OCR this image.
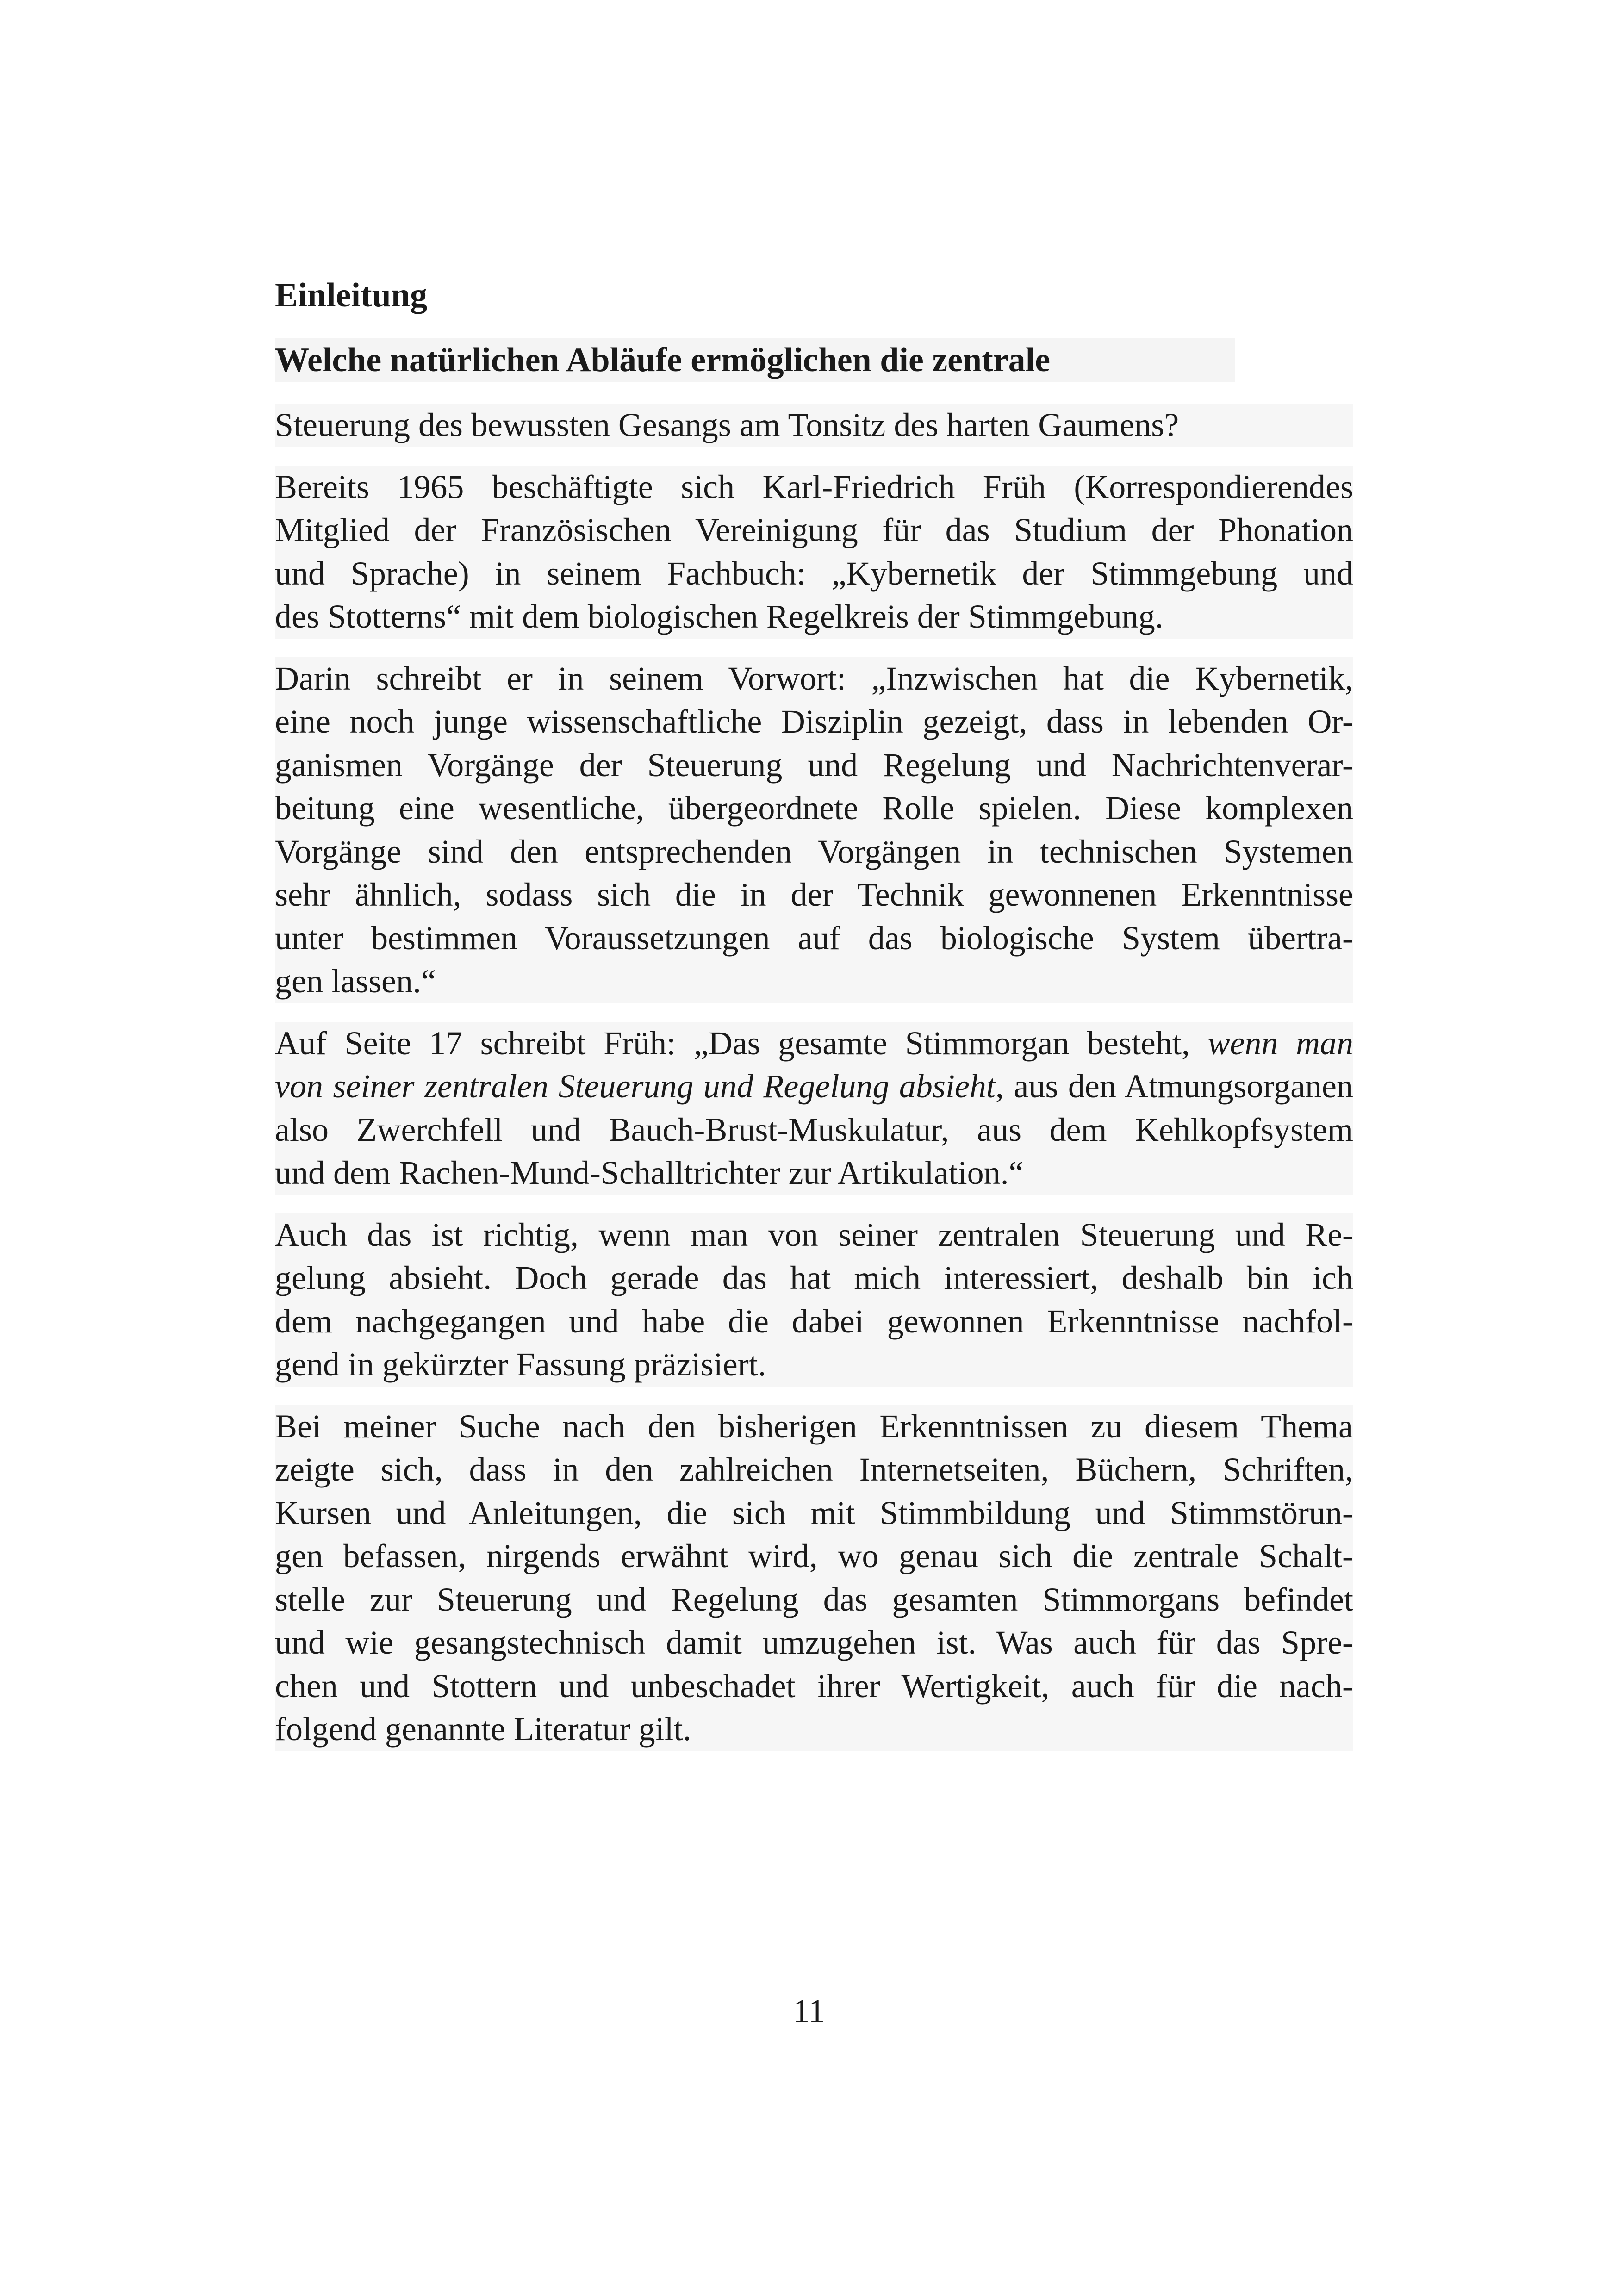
Einleitung
Welche natürlichen Abläufe ermöglichen die zentrale

Steuerung des bewussten Gesangs am Tonsitz des harten Gaumens?

Bereits 1965 beschäftigte sich Karl-Friedrich Früh (Korrespondierendes
Mitglied der Französischen Vereinigung für das Studium der Phonation
und Sprache) in seinem Fachbuch: „Kybernetik der Stimmgebung und
des Stotterns“ mit dem biologischen Regelkreis der Stimmgebung.

Darin schreibt er in seinem Vorwort: „Inzwischen hat die Kybernetik,
eine noch junge wissenschaftliche Disziplin gezeigt, dass in lebenden Or-
ganismen Vorgänge der Steuerung und Regelung und Nachrichtenverar-
beitung eine wesentliche, übergeordnete Rolle spielen. Diese komplexen
Vorgänge sind den entsprechenden Vorgängen in technischen Systemen
sehr ähnlich, sodass sich die in der Technik gewonnenen Erkenntnisse
unter bestimmen Voraussetzungen auf das biologische System übertra-
gen lassen.“

Auf Seite 17 schreibt Früh: „Das gesamte Stimmorgan besteht, wenn man
von seiner zentralen Steuerung und Regelung absieht, aus den Atmungsorganen
also Zwerchfell und Bauch-Brust-Muskulatur, aus dem Kehlkopfsystem
und dem Rachen-Mund-Schalltrichter zur Artikulation.“

Auch das ist richtig, wenn man von seiner zentralen Steuerung und Re-
gelung absieht. Doch gerade das hat mich interessiert, deshalb bin ich
dem nachgegangen und habe die dabei gewonnen Erkenntnisse nachfol-
gend in gekürzter Fassung präzisiert.

Bei meiner Suche nach den bisherigen Erkenntnissen zu diesem Thema
zeigte sich, dass in den zahlreichen Internetseiten, Büchern, Schriften,
Kursen und Anleitungen, die sich mit Stimmbildung und Stimmstörun-
gen befassen, nirgends erwähnt wird, wo genau sich die zentrale Schalt-
stelle zur Steuerung und Regelung das gesamten Stimmorgans befindet
und wie gesangstechnisch damit umzugehen ist. Was auch für das Spre-
chen und Stottern und unbeschadet ihrer Wertigkeit, auch für die nach-
folgend genannte Literatur gilt.

11
